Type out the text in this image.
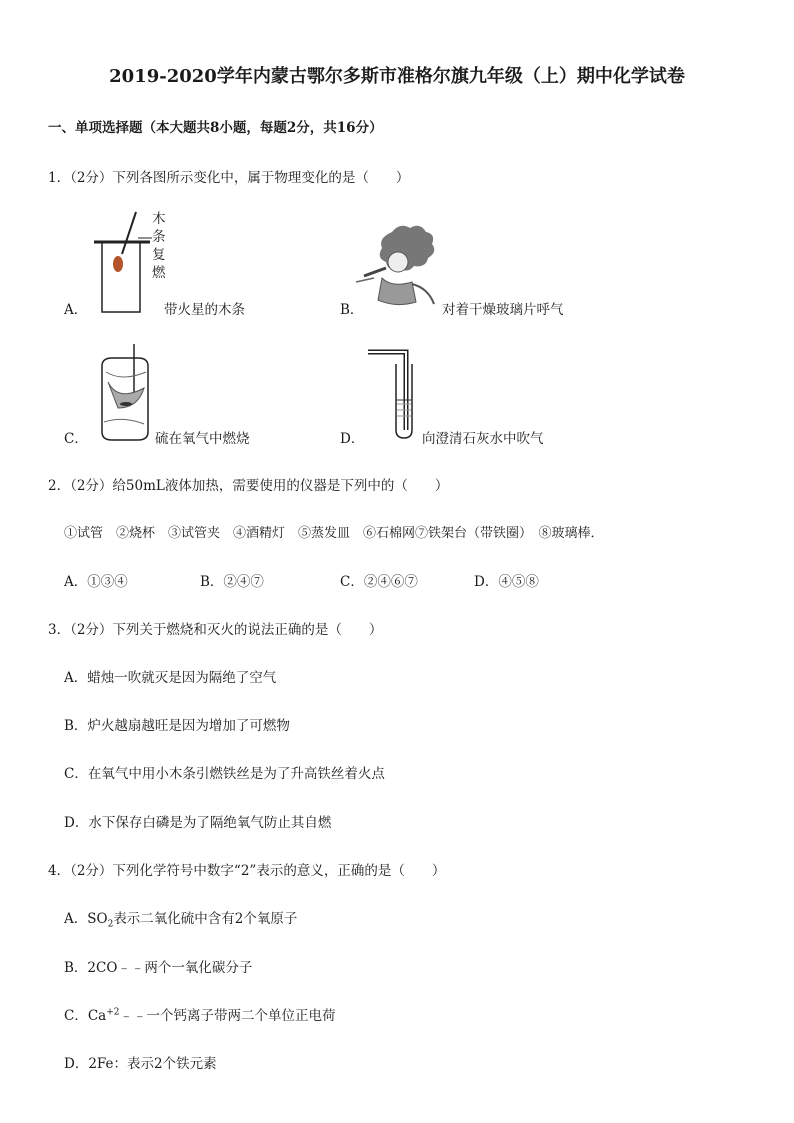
2019-2020学年内蒙古鄂尔多斯市准格尔旗九年级（上）期中化学试卷
一、单项选择题（本大题共8小题，每题2分，共16分）
1．（2分）下列各图所示变化中，属于物理变化的是（　　）
A．
木
条
复
燃
带火星的木条	B．	对着干燥玻璃片呼气
C．	硫在氧气中燃烧	D．	向澄清石灰水中吹气
2．（2分）给50mL液体加热，需要使用的仪器是下列中的（　　）
①试管　②烧杯　③试管夹　④酒精灯　⑤蒸发皿　⑥石棉网⑦铁架台（带铁圈）　⑧玻璃棒．
A．①③④	B．②④⑦	C．②④⑥⑦	D．④⑤⑧
3．（2分）下列关于燃烧和灭火的说法正确的是（　　）
A．蜡烛一吹就灭是因为隔绝了空气
B．炉火越扇越旺是因为增加了可燃物
C．在氧气中用小木条引燃铁丝是为了升高铁丝着火点
D．水下保存白磷是为了隔绝氧气防止其自燃
4．（2分）下列化学符号中数字“2”表示的意义，正确的是（　　）
A．$SO_2$表示二氧化硫中含有2个氧原子
B．2CO﹣﹣两个一氧化碳分子
C．$Ca^{+2}﹣﹣$一个钙离子带两二个单位正电荷
D．2Fe：表示2个铁元素
